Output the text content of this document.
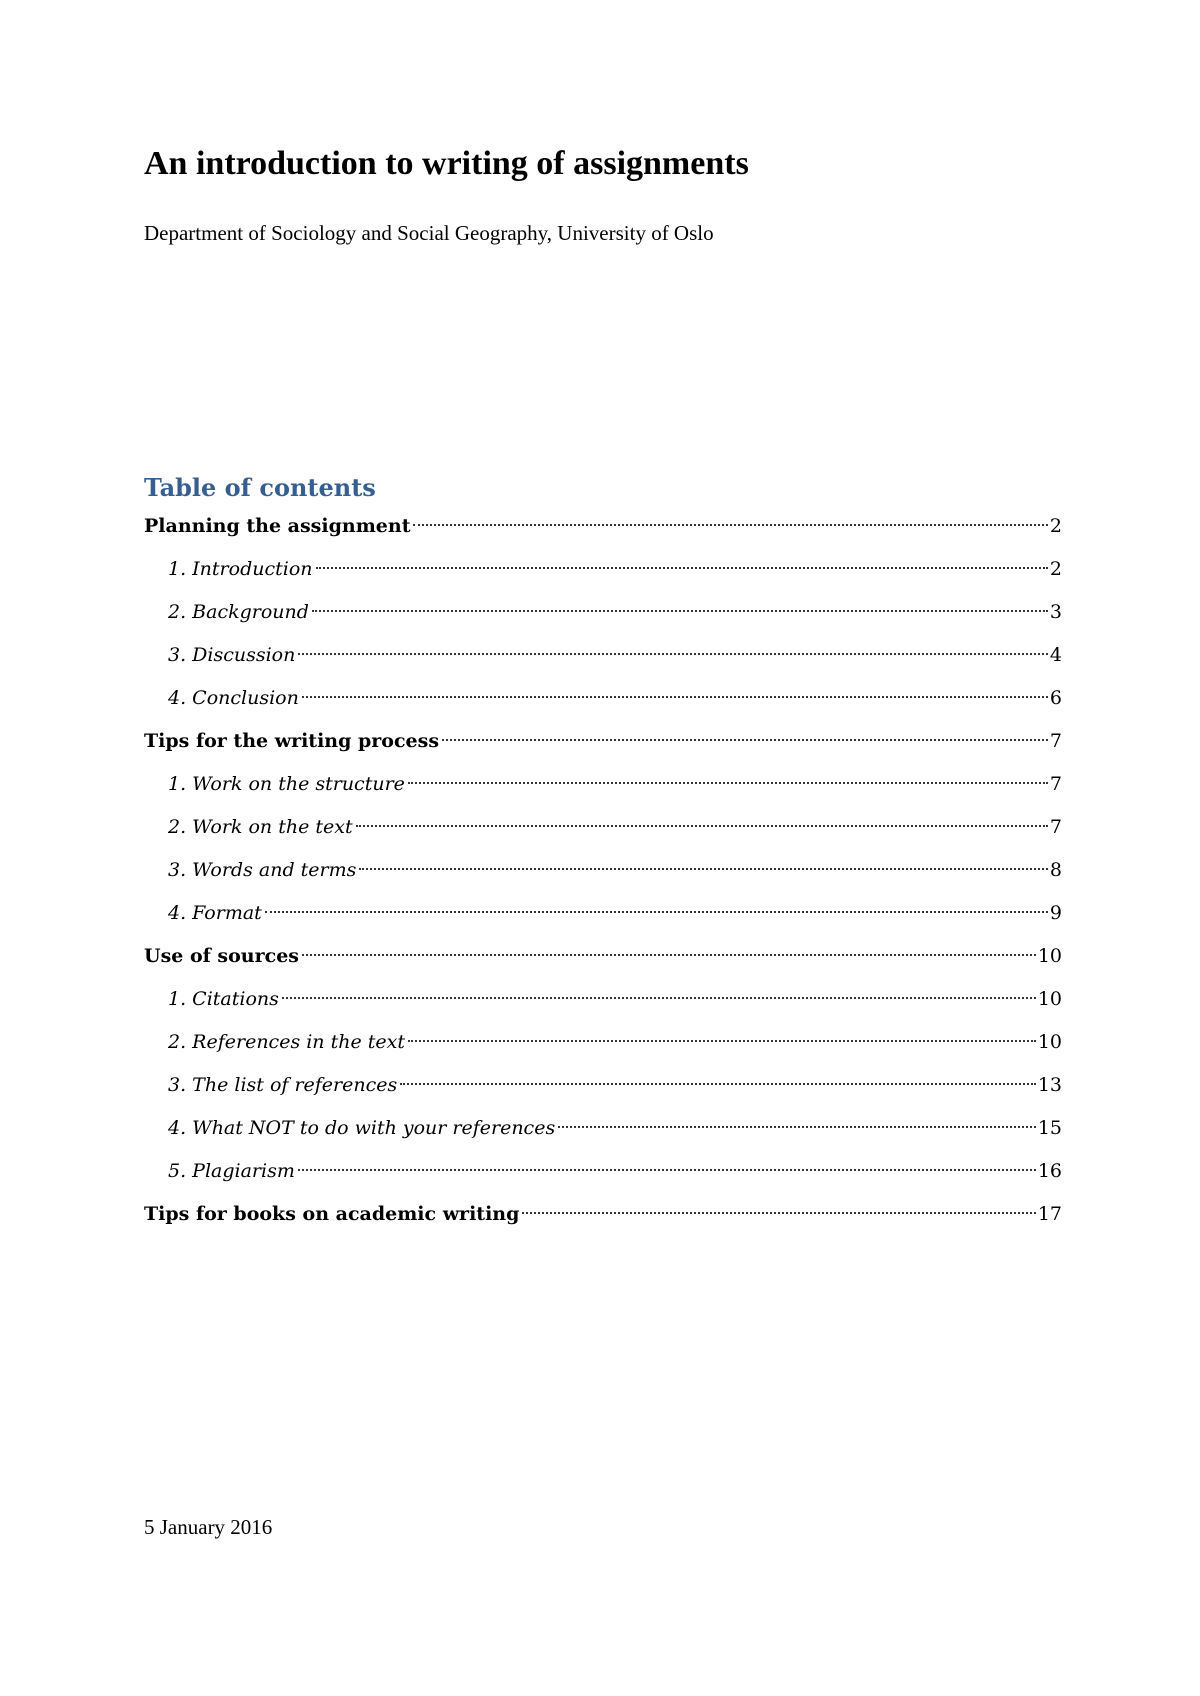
An introduction to writing of assignments

Department of Sociology and Social Geography, University of Oslo

Table of contents
Planning the assignment	2
1. Introduction	2
2. Background	3
3. Discussion	4
4. Conclusion	6
Tips for the writing process	7
1. Work on the structure	7
2. Work on the text	7
3. Words and terms	8
4. Format	9
Use of sources	10
1. Citations	10
2. References in the text	10
3. The list of references	13
4. What NOT to do with your references	15
5. Plagiarism	16
Tips for books on academic writing	17

5 January 2016
